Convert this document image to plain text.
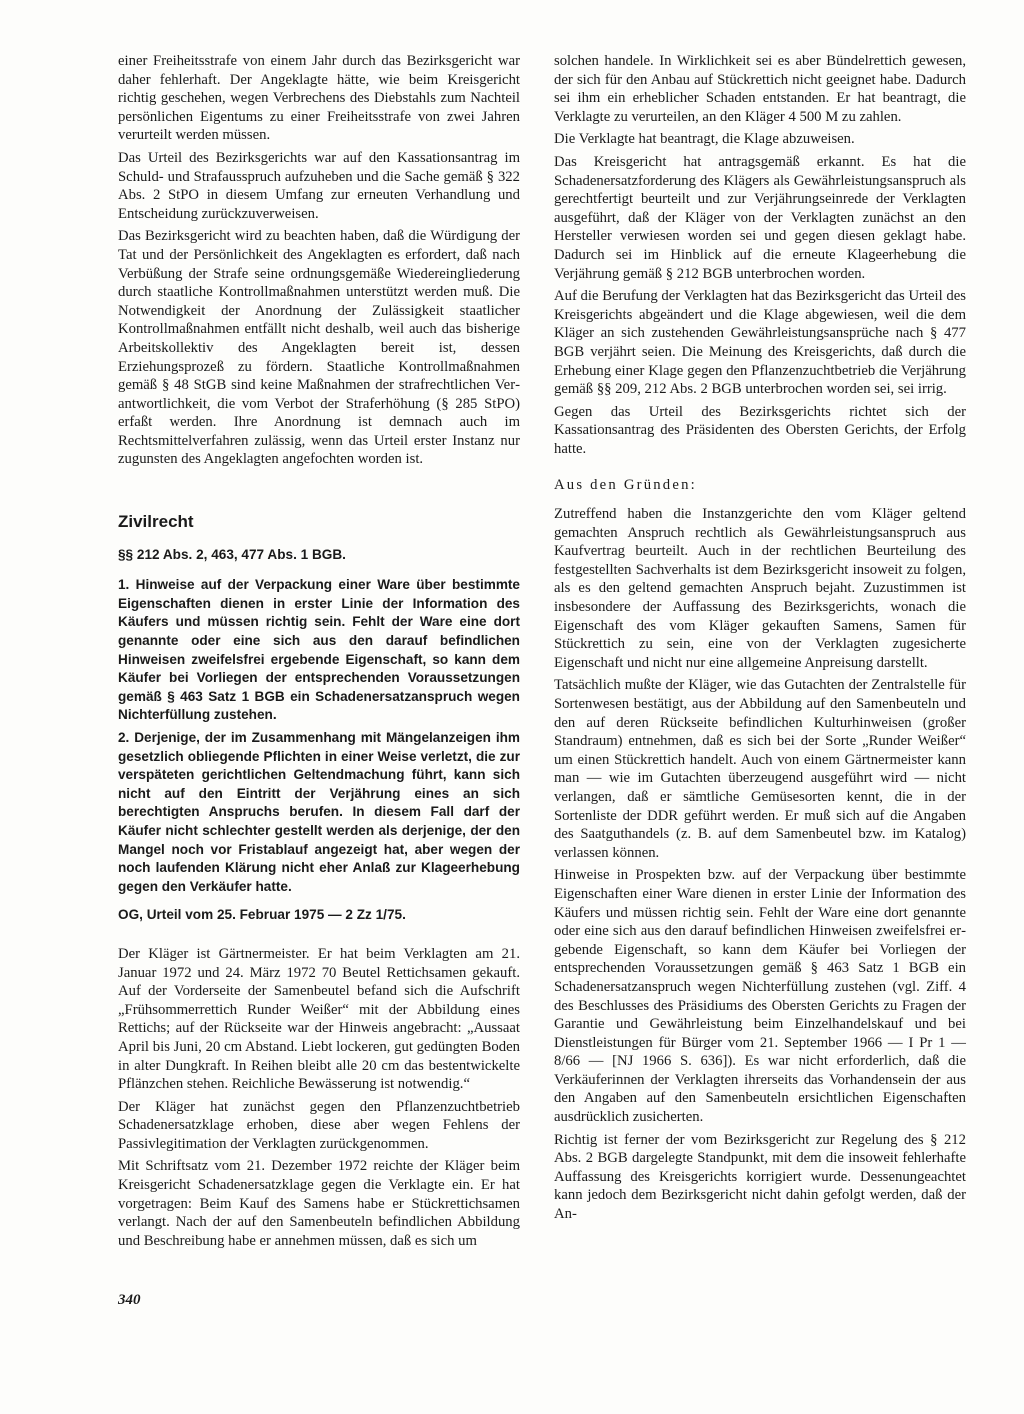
einer Freiheitsstrafe von einem Jahr durch das Bezirksgericht war daher fehlerhaft. Der Angeklagte hätte, wie beim Kreisgericht richtig geschehen, wegen Verbrechens des Diebstahls zum Nachteil persönlichen Eigentums zu einer Freiheitsstrafe von zwei Jahren verurteilt werden müssen.

Das Urteil des Bezirksgerichts war auf den Kassationsantrag im Schuld- und Strafausspruch aufzuheben und die Sache gemäß § 322 Abs. 2 StPO in diesem Umfang zur erneuten Verhandlung und Entscheidung zurückzuverweisen.

Das Bezirksgericht wird zu beachten haben, daß die Würdigung der Tat und der Persönlichkeit des Angeklagten es erfordert, daß nach Verbüßung der Strafe seine ordnungsgemäße Wiedereingliederung durch staatliche Kontrollmaßnahmen unterstützt werden muß. Die Notwendigkeit der Anordnung der Zulässigkeit staatlicher Kontrollmaßnahmen entfällt nicht deshalb, weil auch das bisherige Arbeitskollektiv des Angeklagten bereit ist, dessen Erziehungsprozeß zu fördern. Staatliche Kontrollmaßnahmen gemäß § 48 StGB sind keine Maßnahmen der strafrechtlichen Verantwortlichkeit, die vom Verbot der Straferhöhung (§ 285 StPO) erfaßt werden. Ihre Anordnung ist demnach auch im Rechtsmittelverfahren zulässig, wenn das Urteil erster Instanz nur zugunsten des Angeklagten angefochten worden ist.

Zivilrecht
§§ 212 Abs. 2, 463, 477 Abs. 1 BGB.

1. Hinweise auf der Verpackung einer Ware über bestimmte Eigenschaften dienen in erster Linie der Information des Käufers und müssen richtig sein. Fehlt der Ware eine dort genannte oder eine sich aus den darauf befindlichen Hinweisen zweifelsfrei ergebende Eigenschaft, so kann dem Käufer bei Vorliegen der entsprechenden Voraussetzungen gemäß § 463 Satz 1 BGB ein Schadenersatzanspruch wegen Nichterfüllung zustehen.

2. Derjenige, der im Zusammenhang mit Mängelanzeigen ihm gesetzlich obliegende Pflichten in einer Weise verletzt, die zur verspäteten gerichtlichen Geltendmachung führt, kann sich nicht auf den Eintritt der Verjährung eines an sich berechtigten Anspruchs berufen. In diesem Fall darf der Käufer nicht schlechter gestellt werden als derjenige, der den Mangel noch vor Fristablauf angezeigt hat, aber wegen der noch laufenden Klärung nicht eher Anlaß zur Klageerhebung gegen den Verkäufer hatte.

OG, Urteil vom 25. Februar 1975 — 2 Zz 1/75.

Der Kläger ist Gärtnermeister. Er hat beim Verklagten am 21. Januar 1972 und 24. März 1972 70 Beutel Rettichsamen gekauft. Auf der Vorderseite der Samenbeutel befand sich die Aufschrift „Frühsommerrettich Runder Weißer“ mit der Abbildung eines Rettichs; auf der Rückseite war der Hinweis angebracht: „Aussaat April bis Juni, 20 cm Abstand. Liebt lockeren, gut gedüngten Boden in alter Dungkraft. In Reihen bleibt alle 20 cm das bestentwickelte Pflänzchen stehen. Reichliche Bewässerung ist notwendig.“

Der Kläger hat zunächst gegen den Pflanzenzuchtbetrieb Schadenersatzklage erhoben, diese aber wegen Fehlens der Passivlegitimation der Verklagten zurückgenommen.

Mit Schriftsatz vom 21. Dezember 1972 reichte der Kläger beim Kreisgericht Schadenersatzklage gegen die Verklagte ein. Er hat vorgetragen: Beim Kauf des Samens habe er Stückrettichsamen verlangt. Nach der auf den Samenbeuteln befindlichen Abbildung und Beschreibung habe er annehmen müssen, daß es sich um

solchen handele. In Wirklichkeit sei es aber Bündelrettich gewesen, der sich für den Anbau auf Stückrettich nicht geeignet habe. Dadurch sei ihm ein erheblicher Schaden entstanden. Er hat beantragt, die Verklagte zu verurteilen, an den Kläger 4 500 M zu zahlen.

Die Verklagte hat beantragt, die Klage abzuweisen.

Das Kreisgericht hat antragsgemäß erkannt. Es hat die Schadenersatzforderung des Klägers als Gewährleistungsanspruch als gerechtfertigt beurteilt und zur Verjährungseinrede der Verklagten ausgeführt, daß der Kläger von der Verklagten zunächst an den Hersteller verwiesen worden sei und gegen diesen geklagt habe. Dadurch sei im Hinblick auf die erneute Klageerhebung die Verjährung gemäß § 212 BGB unterbrochen worden.

Auf die Berufung der Verklagten hat das Bezirksgericht das Urteil des Kreisgerichts abgeändert und die Klage abgewiesen, weil die dem Kläger an sich zustehenden Gewährleistungsansprüche nach § 477 BGB verjährt seien. Die Meinung des Kreisgerichts, daß durch die Erhebung einer Klage gegen den Pflanzenzuchtbetrieb die Verjährung gemäß §§ 209, 212 Abs. 2 BGB unterbrochen worden sei, sei irrig.

Gegen das Urteil des Bezirksgerichts richtet sich der Kassationsantrag des Präsidenten des Obersten Gerichts, der Erfolg hatte.

Aus den Gründen:

Zutreffend haben die Instanzgerichte den vom Kläger geltend gemachten Anspruch rechtlich als Gewährleistungsanspruch aus Kaufvertrag beurteilt. Auch in der rechtlichen Beurteilung des festgestellten Sachverhalts ist dem Bezirksgericht insoweit zu folgen, als es den geltend gemachten Anspruch bejaht. Zuzustimmen ist insbesondere der Auffassung des Bezirksgerichts, wonach die Eigenschaft des vom Kläger gekauften Samens, Samen für Stückrettich zu sein, eine von der Verklagten zugesicherte Eigenschaft und nicht nur eine allgemeine Anpreisung darstellt.

Tatsächlich mußte der Kläger, wie das Gutachten der Zentralstelle für Sortenwesen bestätigt, aus der Abbildung auf den Samenbeuteln und den auf deren Rückseite befindlichen Kulturhinweisen (großer Standraum) entnehmen, daß es sich bei der Sorte „Runder Weißer“ um einen Stückrettich handelt. Auch von einem Gärtnermeister kann man — wie im Gutachten überzeugend ausgeführt wird — nicht verlangen, daß er sämtliche Gemüsesorten kennt, die in der Sortenliste der DDR geführt werden. Er muß sich auf die Angaben des Saatguthandels (z. B. auf dem Samenbeutel bzw. im Katalog) verlassen können.

Hinweise in Prospekten bzw. auf der Verpackung über bestimmte Eigenschaften einer Ware dienen in erster Linie der Information des Käufers und müssen richtig sein. Fehlt der Ware eine dort genannte oder eine sich aus den darauf befindlichen Hinweisen zweifelsfrei ergebende Eigenschaft, so kann dem Käufer bei Vorliegen der entsprechenden Voraussetzungen gemäß § 463 Satz 1 BGB ein Schadenersatzanspruch wegen Nichterfüllung zustehen (vgl. Ziff. 4 des Beschlusses des Präsidiums des Obersten Gerichts zu Fragen der Garantie und Gewährleistung beim Einzelhandelskauf und bei Dienstleistungen für Bürger vom 21. September 1966 — I Pr 1 — 8/66 — [NJ 1966 S. 636]). Es war nicht erforderlich, daß die Verkäuferinnen der Verklagten ihrerseits das Vorhandensein der aus den Angaben auf den Samenbeuteln ersichtlichen Eigenschaften ausdrücklich zusicherten.

Richtig ist ferner der vom Bezirksgericht zur Regelung des § 212 Abs. 2 BGB dargelegte Standpunkt, mit dem die insoweit fehlerhafte Auffassung des Kreisgerichts korrigiert wurde. Dessenungeachtet kann jedoch dem Bezirksgericht nicht dahin gefolgt werden, daß der An-

340
